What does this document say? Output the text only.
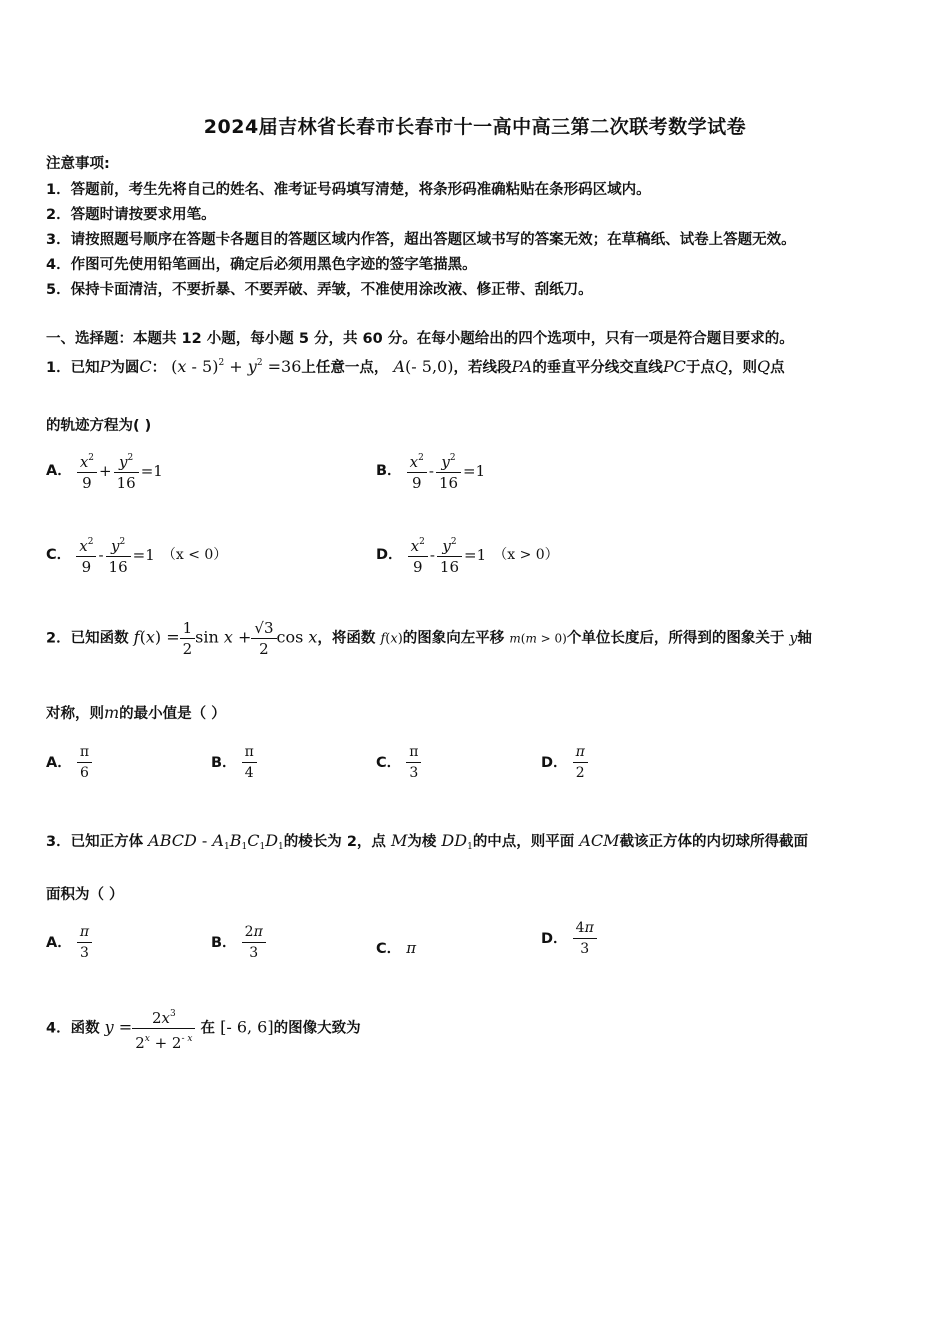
2024届吉林省长春市长春市十一高中高三第二次联考数学试卷
注意事项:
1．答题前，考生先将自己的姓名、准考证号码填写清楚，将条形码准确粘贴在条形码区域内。
2．答题时请按要求用笔。
3．请按照题号顺序在答题卡各题目的答题区域内作答，超出答题区域书写的答案无效；在草稿纸、试卷上答题无效。
4．作图可先使用铅笔画出，确定后必须用黑色字迹的签字笔描黑。
5．保持卡面清洁，不要折暴、不要弄破、弄皱，不准使用涂改液、修正带、刮纸刀。
一、选择题：本题共 12 小题，每小题 5 分，共 60 分。在每小题给出的四个选项中，只有一项是符合题目要求的。
1．已知P为圆C： $(x - 5)^2 + y^2 =36$上任意一点， A(- 5,0)，若线段PA的垂直平分线交直线PC于点Q，则Q点
的轨迹方程为( )
A． $\frac{x^2}{9} + \frac{y^2}{16} =1$	B． $\frac{x^2}{9} - \frac{y^2}{16} =1$
C． $\frac{x^2}{9} - \frac{y^2}{16} =1$ （x < 0）	D． $\frac{x^2}{9} - \frac{y^2}{16} =1$ （x > 0）
2．已知函数 $f(x) = \frac{1}{2}$ $\sin x + \frac{√3}{2}$ cos x，将函数 f(x)的图象向左平移 m(m > 0)个单位长度后，所得到的图象关于 y轴
对称，则m的最小值是（ ）
A． $\frac{\pi}{6}$	B． $\frac{\pi}{4}$	C． $\frac{\pi}{3}$	D． $\frac{\pi}{2}$
3．已知正方体 ABCD - $A_1B_1C_1D_1$的棱长为 2，点 M为棱 $DD_1$的中点，则平面 ACM截该正方体的内切球所得截面
面积为（ ）
A． $\frac{\pi}{3}$	B． $\frac{2\pi}{3}$	C． π	D． $\frac{4\pi}{3}$
4．函数 $y = \frac{2x^3}{2^x + 2^{- x}}$ 在 [- 6, 6]的图像大致为
